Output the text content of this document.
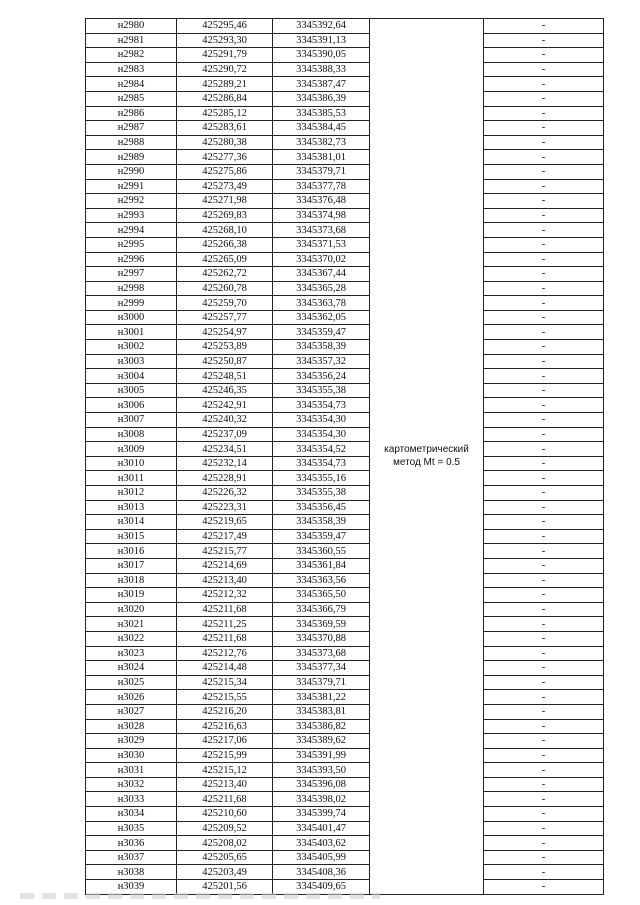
н2980	425295,46	3345392,64	картометрический
метод Mt = 0.5	-
н2981	425293,30	3345391,13		-
н2982	425291,79	3345390,05		-
н2983	425290,72	3345388,33		-
н2984	425289,21	3345387,47		-
н2985	425286,84	3345386,39		-
н2986	425285,12	3345385,53		-
н2987	425283,61	3345384,45		-
н2988	425280,38	3345382,73		-
н2989	425277,36	3345381,01		-
н2990	425275,86	3345379,71		-
н2991	425273,49	3345377,78		-
н2992	425271,98	3345376,48		-
н2993	425269,83	3345374,98		-
н2994	425268,10	3345373,68		-
н2995	425266,38	3345371,53		-
н2996	425265,09	3345370,02		-
н2997	425262,72	3345367,44		-
н2998	425260,78	3345365,28		-
н2999	425259,70	3345363,78		-
н3000	425257,77	3345362,05		-
н3001	425254,97	3345359,47		-
н3002	425253,89	3345358,39		-
н3003	425250,87	3345357,32		-
н3004	425248,51	3345356,24		-
н3005	425246,35	3345355,38		-
н3006	425242,91	3345354,73		-
н3007	425240,32	3345354,30		-
н3008	425237,09	3345354,30		-
н3009	425234,51	3345354,52		-
н3010	425232,14	3345354,73		-
н3011	425228,91	3345355,16		-
н3012	425226,32	3345355,38		-
н3013	425223,31	3345356,45		-
н3014	425219,65	3345358,39		-
н3015	425217,49	3345359,47		-
н3016	425215,77	3345360,55		-
н3017	425214,69	3345361,84		-
н3018	425213,40	3345363,56		-
н3019	425212,32	3345365,50		-
н3020	425211,68	3345366,79		-
н3021	425211,25	3345369,59		-
н3022	425211,68	3345370,88		-
н3023	425212,76	3345373,68		-
н3024	425214,48	3345377,34		-
н3025	425215,34	3345379,71		-
н3026	425215,55	3345381,22		-
н3027	425216,20	3345383,81		-
н3028	425216,63	3345386,82		-
н3029	425217,06	3345389,62		-
н3030	425215,99	3345391,99		-
н3031	425215,12	3345393,50		-
н3032	425213,40	3345396,08		-
н3033	425211,68	3345398,02		-
н3034	425210,60	3345399,74		-
н3035	425209,52	3345401,47		-
н3036	425208,02	3345403,62		-
н3037	425205,65	3345405,99		-
н3038	425203,49	3345408,36		-
н3039	425201,56	3345409,65		-
